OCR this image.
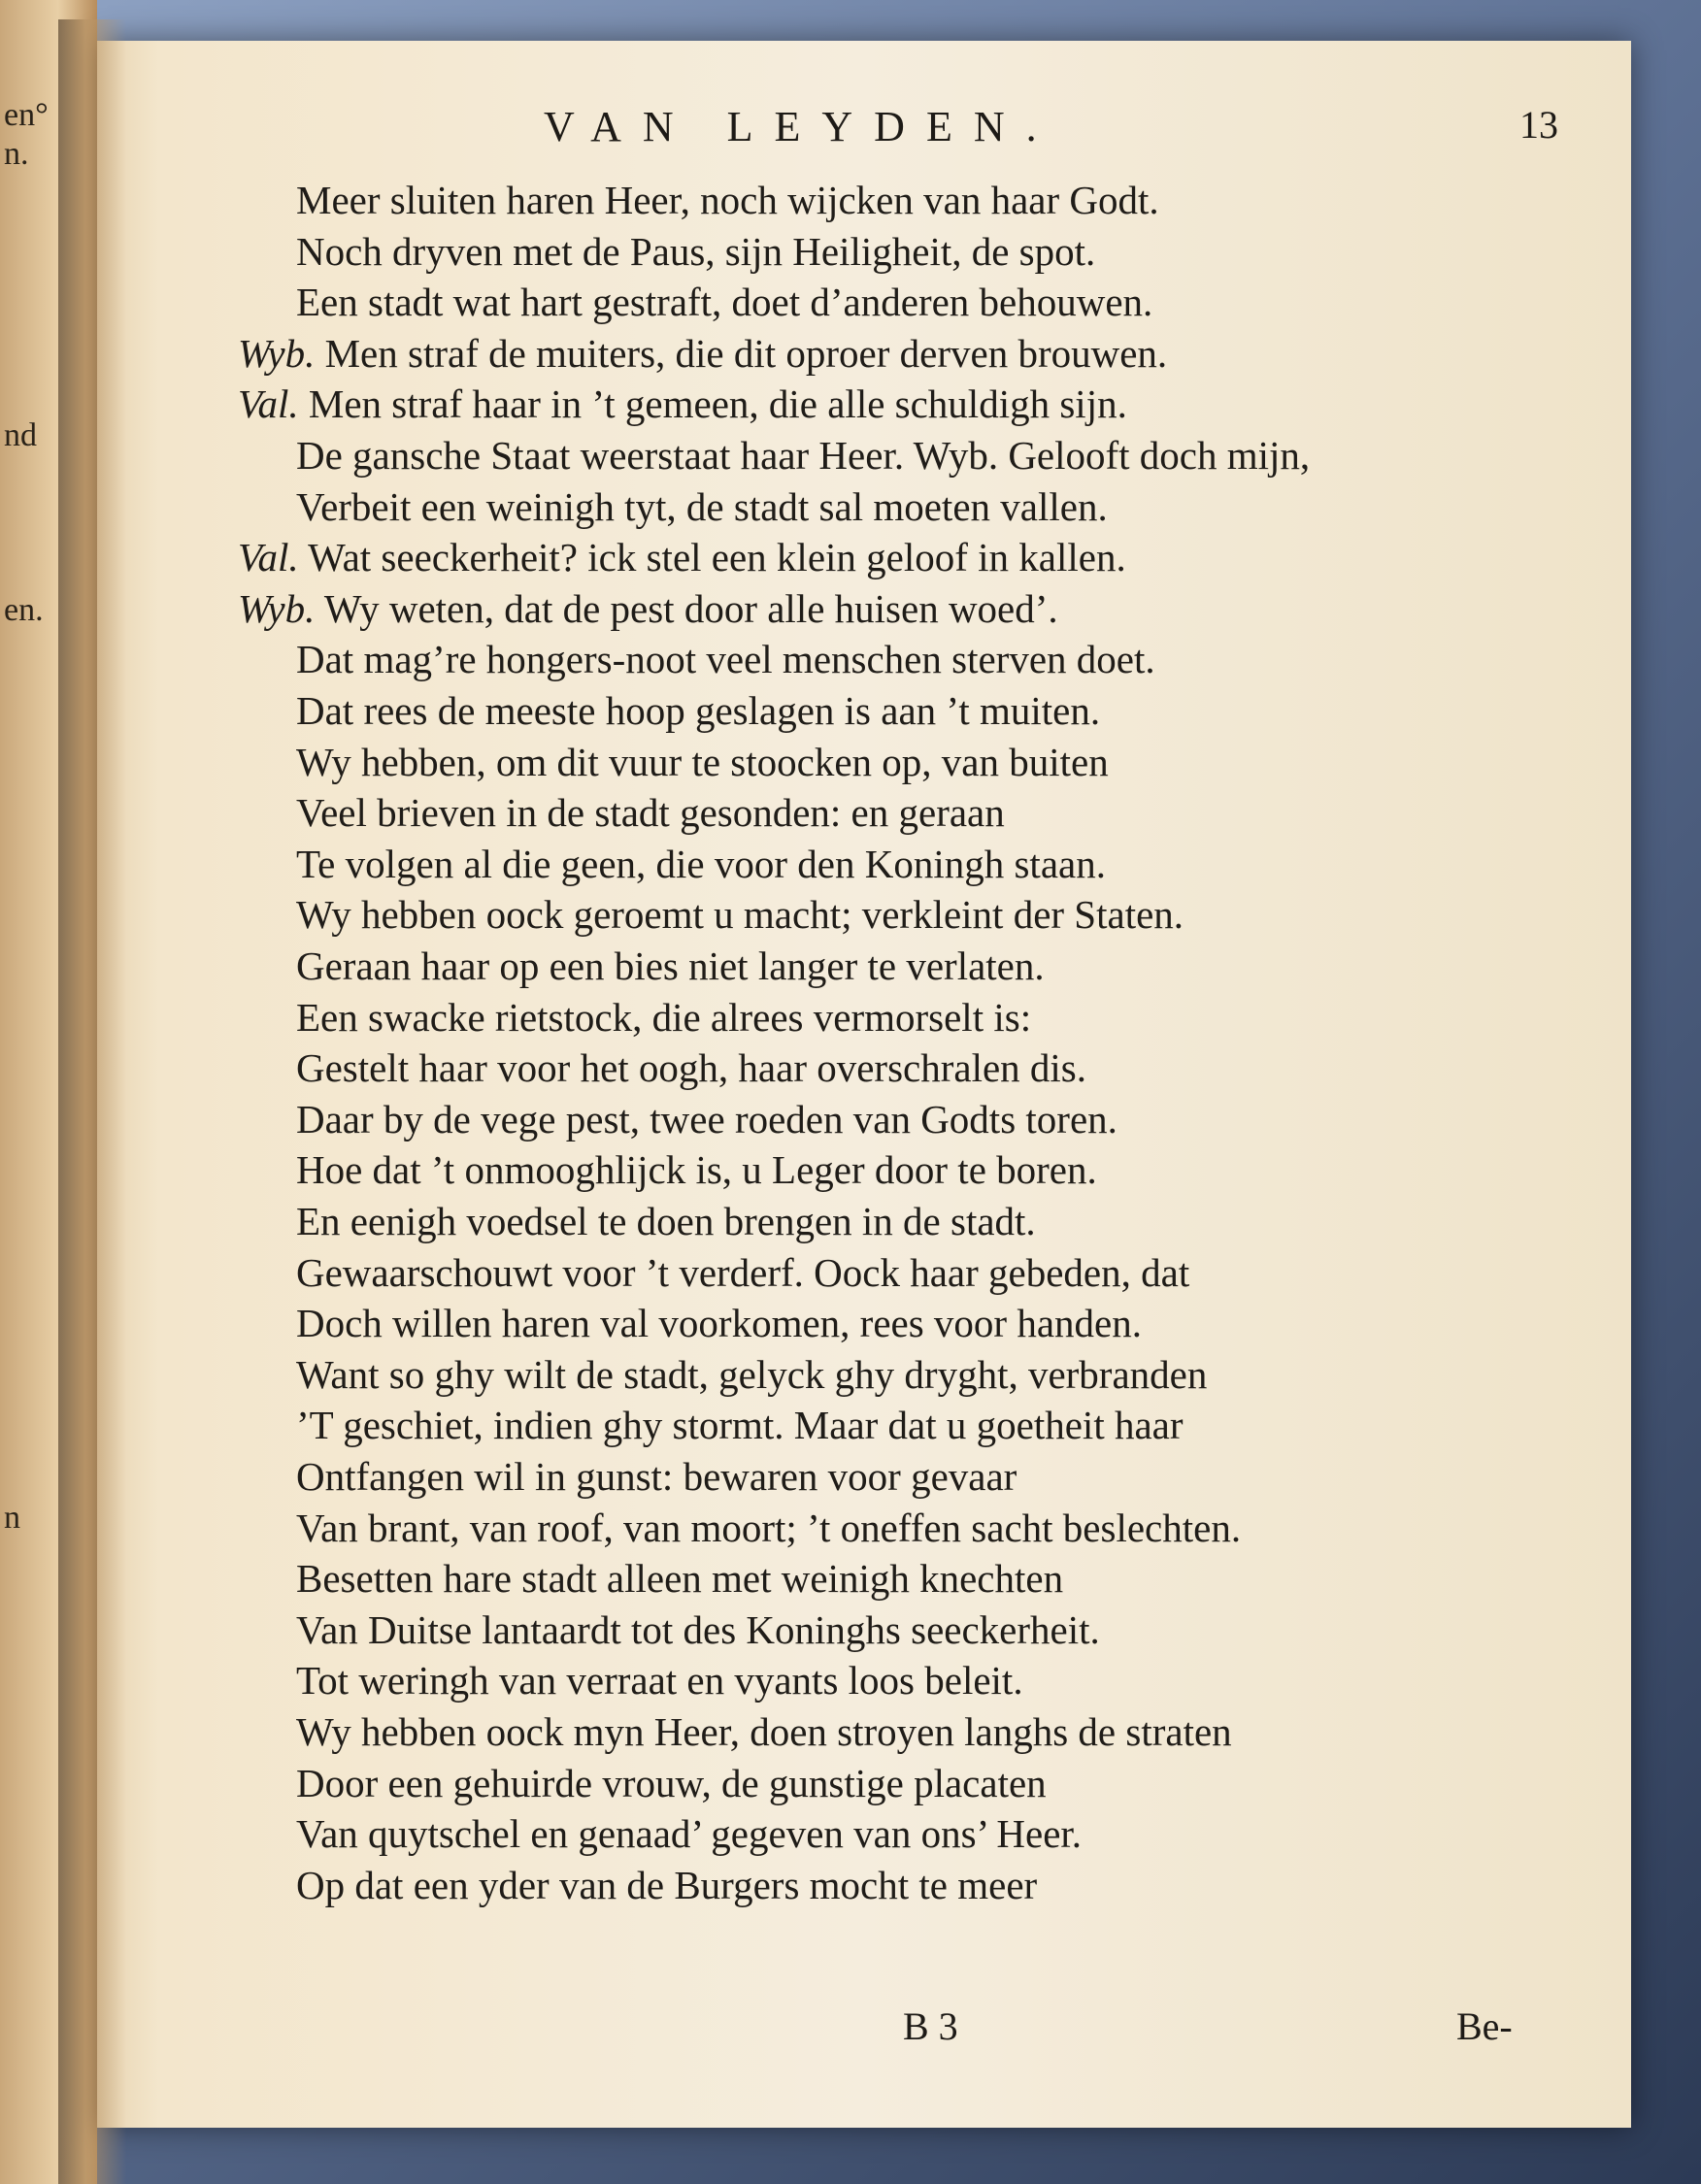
en°
n.
nd
en.
n
VAN LEYDEN.	13
Meer sluiten haren Heer, noch wijcken van haar Godt.
Noch dryven met de Paus, sijn Heiligheit, de spot.
Een stadt wat hart gestraft, doet d’anderen behouwen.
Wyb. Men straf de muiters, die dit oproer derven brouwen.
Val. Men straf haar in ’t gemeen, die alle schuldigh sijn.
De gansche Staat weerstaat haar Heer. Wyb. Gelooft doch mijn,
Verbeit een weinigh tyt, de stadt sal moeten vallen.
Val. Wat seeckerheit? ick stel een klein geloof in kallen.
Wyb. Wy weten, dat de pest door alle huisen woed’.
Dat mag’re hongers-noot veel menschen sterven doet.
Dat rees de meeste hoop geslagen is aan ’t muiten.
Wy hebben, om dit vuur te stoocken op, van buiten
Veel brieven in de stadt gesonden: en geraan
Te volgen al die geen, die voor den Koningh staan.
Wy hebben oock geroemt u macht; verkleint der Staten.
Geraan haar op een bies niet langer te verlaten.
Een swacke rietstock, die alrees vermorselt is:
Gestelt haar voor het oogh, haar overschralen dis.
Daar by de vege pest, twee roeden van Godts toren.
Hoe dat ’t onmooghlijck is, u Leger door te boren.
En eenigh voedsel te doen brengen in de stadt.
Gewaarschouwt voor ’t verderf. Oock haar gebeden, dat
Doch willen haren val voorkomen, rees voor handen.
Want so ghy wilt de stadt, gelyck ghy dryght, verbranden
’T geschiet, indien ghy stormt. Maar dat u goetheit haar
Ontfangen wil in gunst: bewaren voor gevaar
Van brant, van roof, van moort; ’t oneffen sacht beslechten.
Besetten hare stadt alleen met weinigh knechten
Van Duitse lantaardt tot des Koninghs seeckerheit.
Tot weringh van verraat en vyants loos beleit.
Wy hebben oock myn Heer, doen stroyen langhs de straten
Door een gehuirde vrouw, de gunstige placaten
Van quytschel en genaad’ gegeven van ons’ Heer.
Op dat een yder van de Burgers mocht te meer
B 3	Be-
